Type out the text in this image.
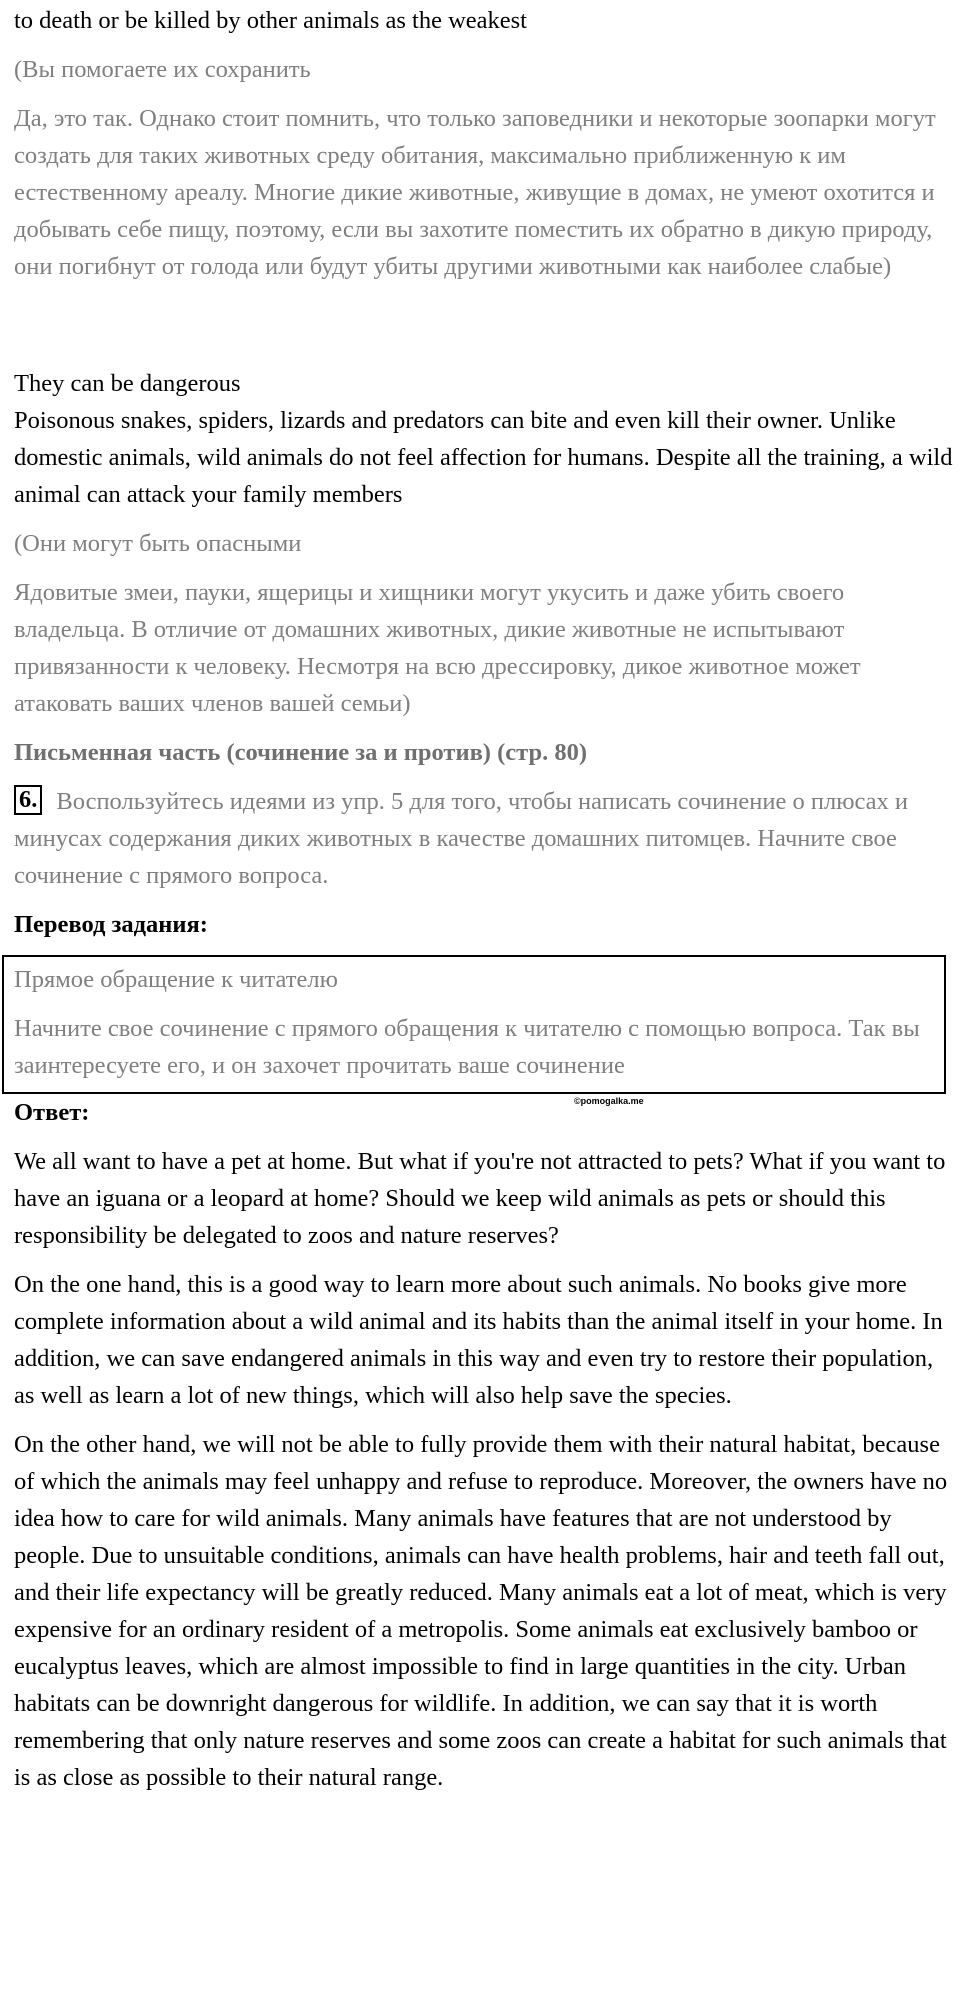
to death or be killed by other animals as the weakest

(Вы помогаете их сохранить

Да, это так. Однако стоит помнить, что только заповедники и некоторые зоопарки могут создать для таких животных среду обитания, максимально приближенную к им естественному ареалу. Многие дикие животные, живущие в домах, не умеют охотится и добывать себе пищу, поэтому, если вы захотите поместить их обратно в дикую природу, они погибнут от голода или будут убиты другими животными как наиболее слабые)

They can be dangerous

Poisonous snakes, spiders, lizards and predators can bite and even kill their owner. Unlike domestic animals, wild animals do not feel affection for humans. Despite all the training, a wild animal can attack your family members

(Они могут быть опасными

Ядовитые змеи, пауки, ящерицы и хищники могут укусить и даже убить своего владельца. В отличие от домашних животных, дикие животные не испытывают привязанности к человеку. Несмотря на всю дрессировку, дикое животное может атаковать ваших членов вашей семьи)

Письменная часть (сочинение за и против) (стр. 80)

6. Воспользуйтесь идеями из упр. 5 для того, чтобы написать сочинение о плюсах и минусах содержания диких животных в качестве домашних питомцев. Начните свое сочинение с прямого вопроса.

Перевод задания:

Прямое обращение к читателю

Начните свое сочинение с прямого обращения к читателю с помощью вопроса. Так вы заинтересуете его, и он захочет прочитать ваше сочинение

Ответ:	©pomogalka.me

We all want to have a pet at home. But what if you're not attracted to pets? What if you want to have an iguana or a leopard at home? Should we keep wild animals as pets or should this responsibility be delegated to zoos and nature reserves?

On the one hand, this is a good way to learn more about such animals. No books give more complete information about a wild animal and its habits than the animal itself in your home. In addition, we can save endangered animals in this way and even try to restore their population, as well as learn a lot of new things, which will also help save the species.

On the other hand, we will not be able to fully provide them with their natural habitat, because of which the animals may feel unhappy and refuse to reproduce. Moreover, the owners have no idea how to care for wild animals. Many animals have features that are not understood by people. Due to unsuitable conditions, animals can have health problems, hair and teeth fall out, and their life expectancy will be greatly reduced. Many animals eat a lot of meat, which is very expensive for an ordinary resident of a metropolis. Some animals eat exclusively bamboo or eucalyptus leaves, which are almost impossible to find in large quantities in the city. Urban habitats can be downright dangerous for wildlife. In addition, we can say that it is worth remembering that only nature reserves and some zoos can create a habitat for such animals that is as close as possible to their natural range.
